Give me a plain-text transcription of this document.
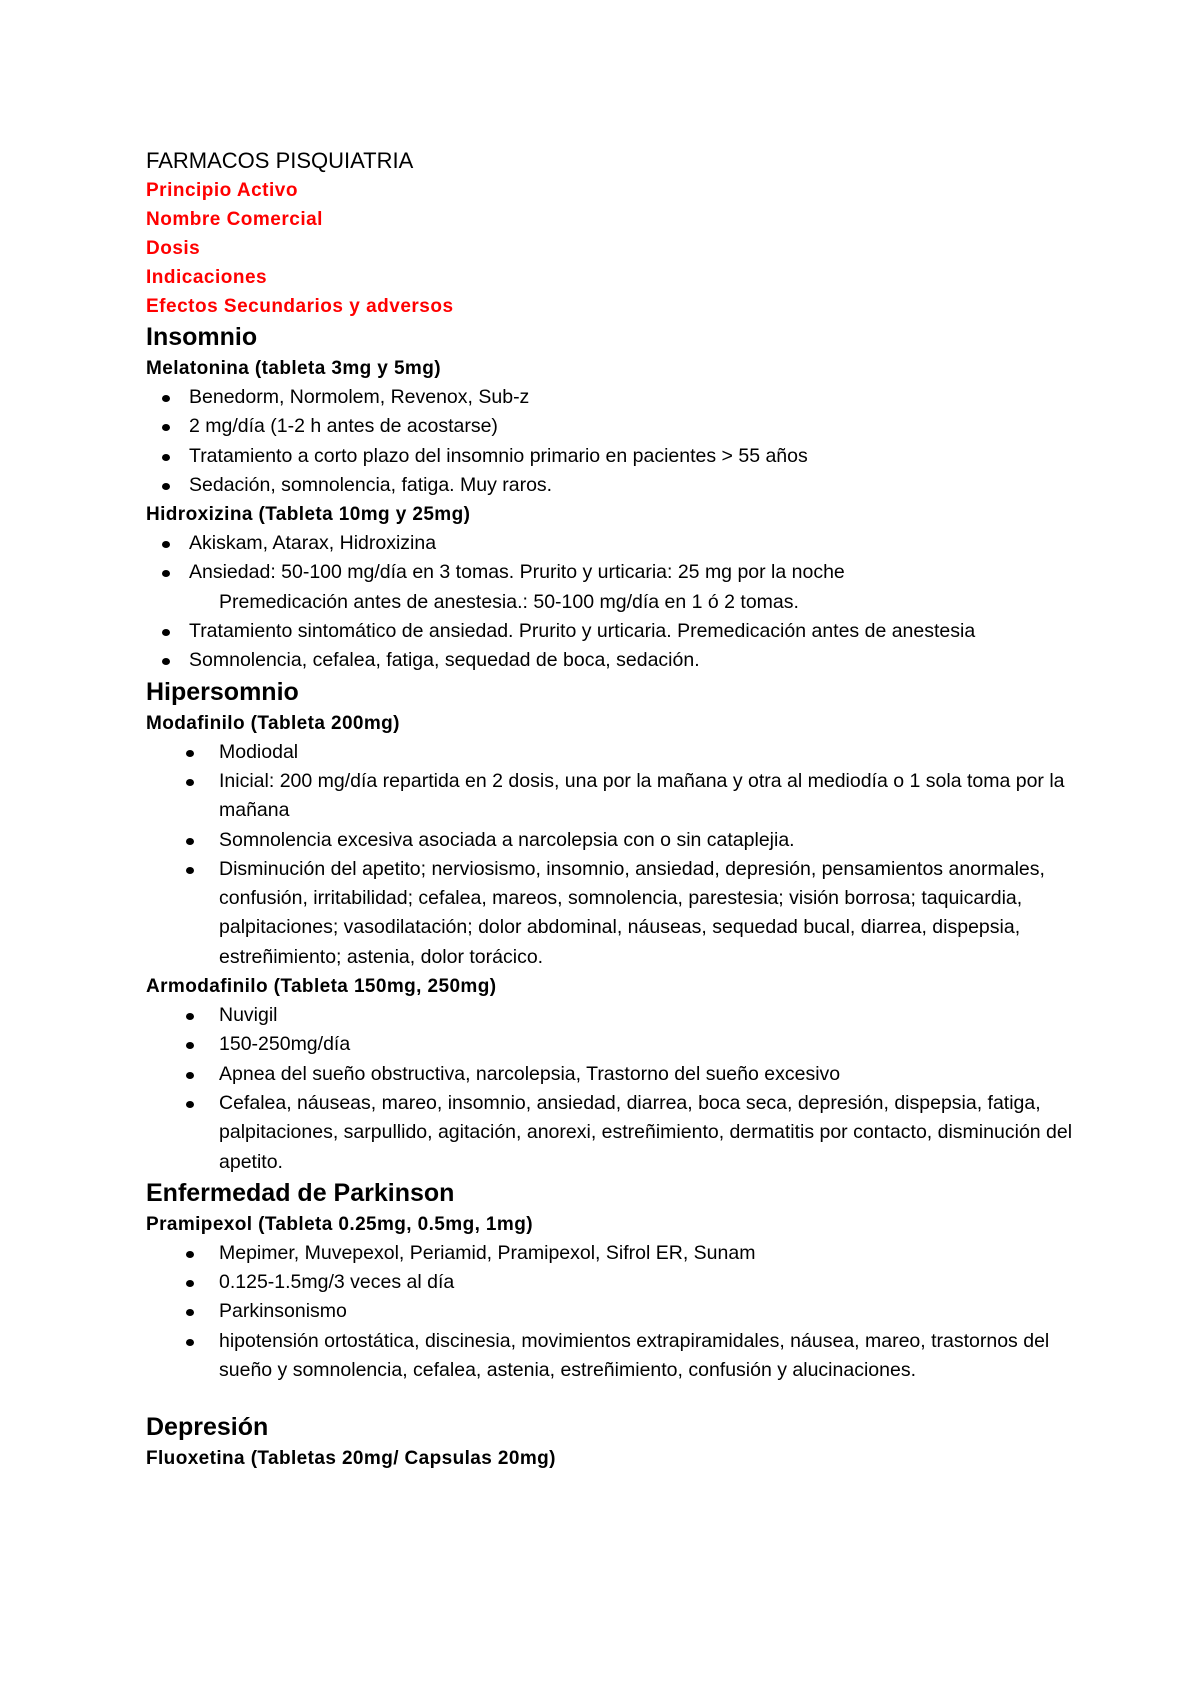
FARMACOS PISQUIATRIA
Principio Activo
Nombre Comercial
Dosis
Indicaciones
Efectos Secundarios y adversos
Insomnio
Melatonina (tableta 3mg y 5mg)
Benedorm, Normolem, Revenox, Sub-z
2 mg/día (1-2 h antes de acostarse)
Tratamiento a corto plazo del insomnio primario en pacientes > 55 años
Sedación, somnolencia, fatiga. Muy raros.
Hidroxizina (Tableta 10mg y 25mg)
Akiskam, Atarax, Hidroxizina
Ansiedad: 50-100 mg/día en 3 tomas. Prurito y urticaria: 25 mg por la noche
Premedicación antes de anestesia.: 50-100 mg/día en 1 ó 2 tomas.
Tratamiento sintomático de ansiedad. Prurito y urticaria. Premedicación antes de anestesia
Somnolencia, cefalea, fatiga, sequedad de boca, sedación.
Hipersomnio
Modafinilo (Tableta 200mg)
Modiodal
Inicial: 200 mg/día repartida en 2 dosis, una por la mañana y otra al mediodía o 1 sola toma por la mañana
Somnolencia excesiva asociada a narcolepsia con o sin cataplejia.
Disminución del apetito; nerviosismo, insomnio, ansiedad, depresión, pensamientos anormales, confusión, irritabilidad; cefalea, mareos, somnolencia, parestesia; visión borrosa; taquicardia, palpitaciones; vasodilatación; dolor abdominal, náuseas, sequedad bucal, diarrea, dispepsia, estreñimiento; astenia, dolor torácico.
Armodafinilo (Tableta 150mg, 250mg)
Nuvigil
150-250mg/día
Apnea del sueño obstructiva, narcolepsia, Trastorno del sueño excesivo
Cefalea, náuseas, mareo, insomnio, ansiedad, diarrea, boca seca, depresión, dispepsia, fatiga, palpitaciones, sarpullido, agitación, anorexi, estreñimiento, dermatitis por contacto, disminución del apetito.
Enfermedad de Parkinson
Pramipexol (Tableta 0.25mg, 0.5mg, 1mg)
Mepimer, Muvepexol, Periamid, Pramipexol, Sifrol ER, Sunam
0.125-1.5mg/3 veces al día
Parkinsonismo
hipotensión ortostática, discinesia, movimientos extrapiramidales, náusea, mareo, trastornos del sueño y somnolencia, cefalea, astenia, estreñimiento, confusión y alucinaciones.
Depresión
Fluoxetina (Tabletas 20mg/ Capsulas 20mg)
